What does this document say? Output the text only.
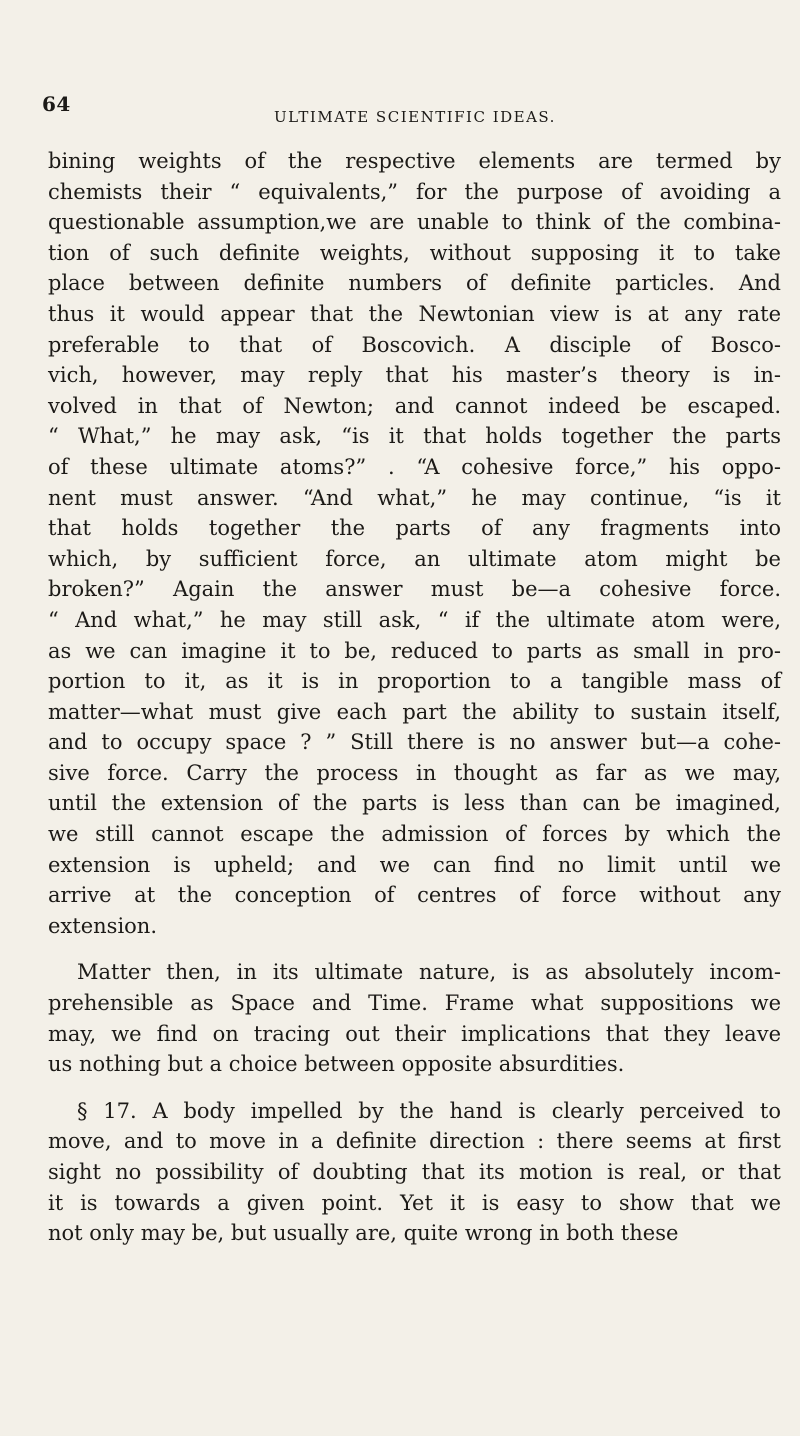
64
ULTIMATE SCIENTIFIC IDEAS.
bining weights of the respective elements are termed by
chemists their “ equivalents,” for the purpose of avoiding a
questionable assumption,we are unable to think of the combina-
tion of such definite weights, without supposing it to take
place between definite numbers of definite particles. And
thus it would appear that the Newtonian view is at any rate
preferable to that of Boscovich. A disciple of Bosco-
vich, however, may reply that his master’s theory is in-
volved in that of Newton; and cannot indeed be escaped.
“ What,” he may ask, “is it that holds together the parts
of these ultimate atoms?” . “A cohesive force,” his oppo-
nent must answer. “And what,” he may continue, “is it
that holds together the parts of any fragments into
which, by sufficient force, an ultimate atom might be
broken?” Again the answer must be—a cohesive force.
“ And what,” he may still ask, “ if the ultimate atom were,
as we can imagine it to be, reduced to parts as small in pro-
portion to it, as it is in proportion to a tangible mass of
matter—what must give each part the ability to sustain itself,
and to occupy space ? ” Still there is no answer but—a cohe-
sive force. Carry the process in thought as far as we may,
until the extension of the parts is less than can be imagined,
we still cannot escape the admission of forces by which the
extension is upheld; and we can find no limit until we
arrive at the conception of centres of force without any
extension.
Matter then, in its ultimate nature, is as absolutely incom-
prehensible as Space and Time. Frame what suppositions we
may, we find on tracing out their implications that they leave
us nothing but a choice between opposite absurdities.
§ 17. A body impelled by the hand is clearly perceived to
move, and to move in a definite direction : there seems at first
sight no possibility of doubting that its motion is real, or that
it is towards a given point. Yet it is easy to show that we
not only may be, but usually are, quite wrong in both these
